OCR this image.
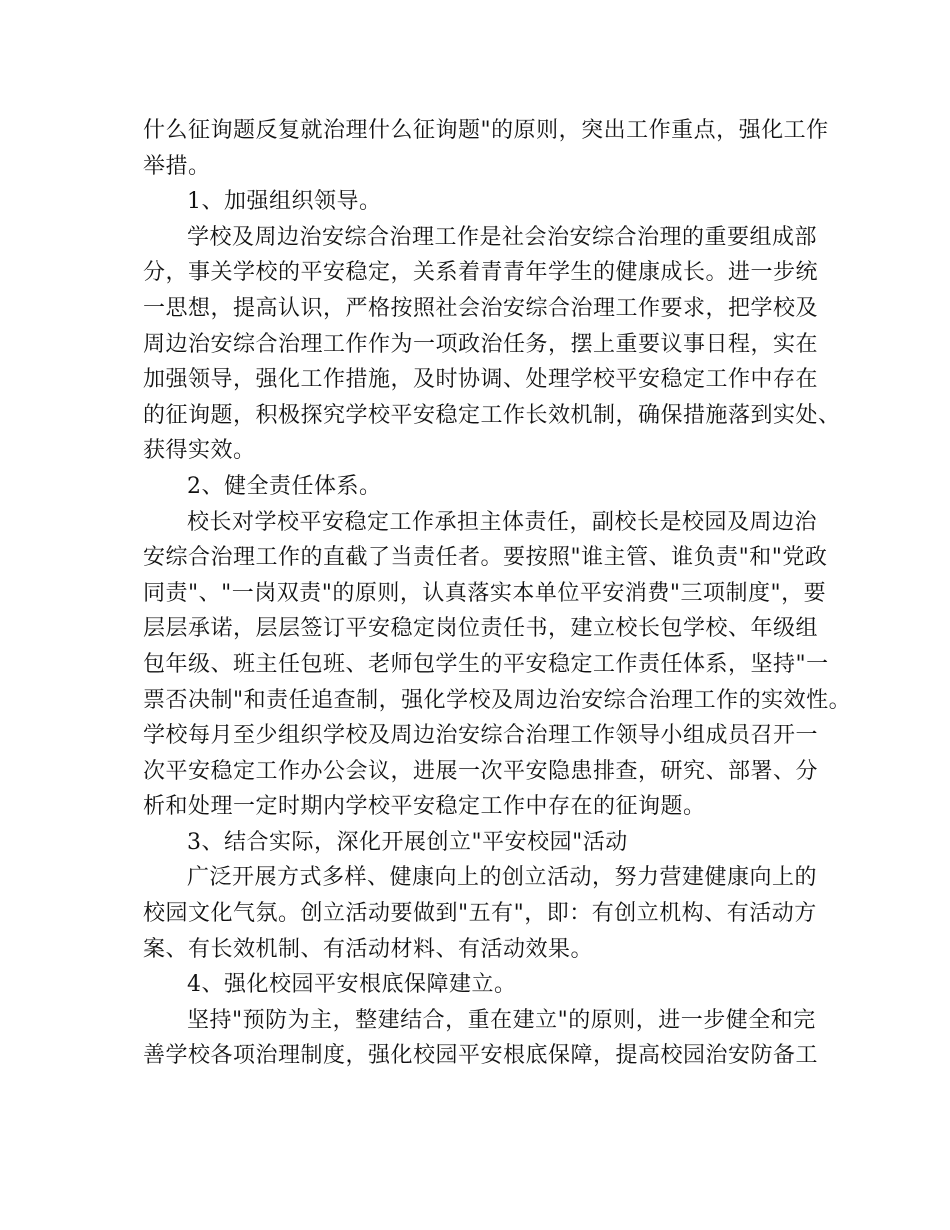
什么征询题反复就治理什么征询题"的原则，突出工作重点，强化工作
举措。
1、加强组织领导。
学校及周边治安综合治理工作是社会治安综合治理的重要组成部
分，事关学校的平安稳定，关系着青青年学生的健康成长。进一步统
一思想，提高认识，严格按照社会治安综合治理工作要求，把学校及
周边治安综合治理工作作为一项政治任务，摆上重要议事日程，实在
加强领导，强化工作措施，及时协调、处理学校平安稳定工作中存在
的征询题，积极探究学校平安稳定工作长效机制，确保措施落到实处、
获得实效。
2、健全责任体系。
校长对学校平安稳定工作承担主体责任，副校长是校园及周边治
安综合治理工作的直截了当责任者。要按照"谁主管、谁负责"和"党政
同责"、"一岗双责"的原则，认真落实本单位平安消费"三项制度"，要
层层承诺，层层签订平安稳定岗位责任书，建立校长包学校、年级组
包年级、班主任包班、老师包学生的平安稳定工作责任体系，坚持"一
票否决制"和责任追查制，强化学校及周边治安综合治理工作的实效性。
学校每月至少组织学校及周边治安综合治理工作领导小组成员召开一
次平安稳定工作办公会议，进展一次平安隐患排查，研究、部署、分
析和处理一定时期内学校平安稳定工作中存在的征询题。
3、结合实际，深化开展创立"平安校园"活动
广泛开展方式多样、健康向上的创立活动，努力营建健康向上的
校园文化气氛。创立活动要做到"五有"，即：有创立机构、有活动方
案、有长效机制、有活动材料、有活动效果。
4、强化校园平安根底保障建立。
坚持"预防为主，整建结合，重在建立"的原则，进一步健全和完
善学校各项治理制度，强化校园平安根底保障，提高校园治安防备工
